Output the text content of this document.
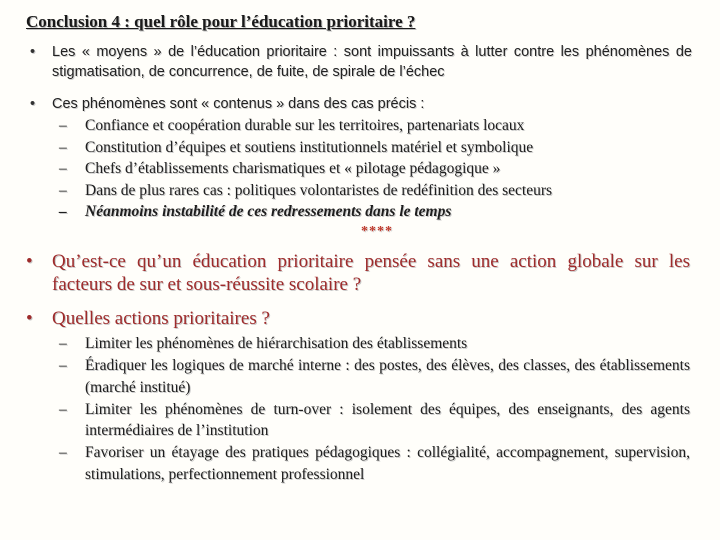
Conclusion 4 : quel rôle pour l’éducation prioritaire ?
• Les « moyens » de l’éducation prioritaire : sont impuissants à lutter contre les phénomènes de stigmatisation, de concurrence, de fuite, de spirale de l’échec
• Ces phénomènes sont « contenus » dans des cas précis :
– Confiance et coopération durable sur les territoires, partenariats locaux
– Constitution d’équipes et soutiens institutionnels matériel et symbolique
– Chefs d’établissements charismatiques et « pilotage pédagogique »
– Dans de plus rares cas : politiques volontaristes de redéfinition des secteurs
– Néanmoins instabilité de ces redressements dans le temps
****
• Qu’est-ce qu’un éducation prioritaire pensée sans une action globale sur les facteurs de sur et sous-réussite scolaire ?
• Quelles actions prioritaires ?
– Limiter les phénomènes de hiérarchisation des établissements
– Éradiquer les logiques de marché interne : des postes, des élèves, des classes, des établissements (marché institué)
– Limiter les phénomènes de turn-over : isolement des équipes, des enseignants, des agents intermédiaires de l’institution
– Favoriser un étayage des pratiques pédagogiques : collégialité, accompagnement, supervision, stimulations, perfectionnement professionnel
